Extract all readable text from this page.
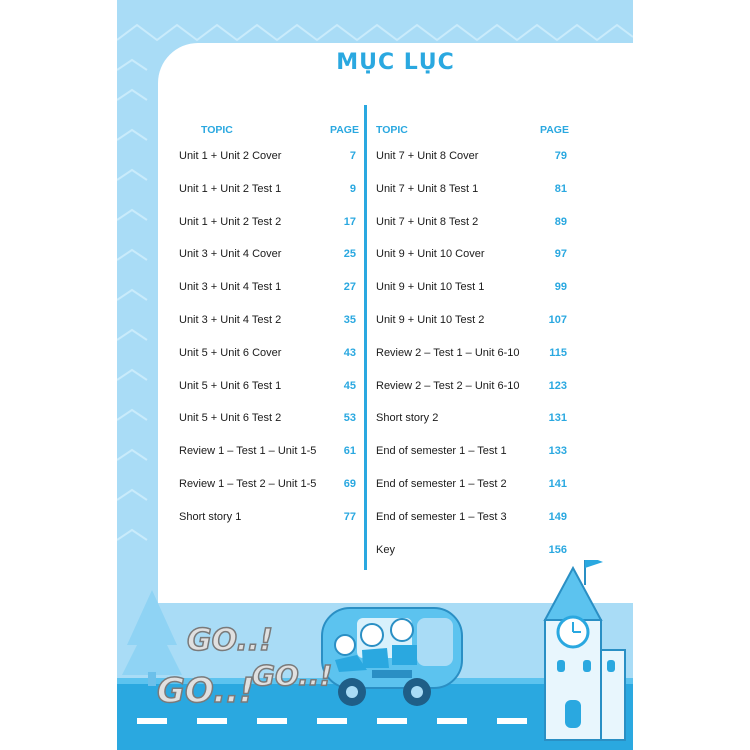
MỤC LỤC
TOPIC	PAGE TOPIC	PAGE
Unit 1 + Unit 2 Cover	7
Unit 1 + Unit 2 Test 1	9
Unit 1 + Unit 2 Test 2	17
Unit 3 + Unit 4 Cover	25
Unit 3 + Unit 4 Test 1	27
Unit 3 + Unit 4 Test 2	35
Unit 5 + Unit 6 Cover	43
Unit 5 + Unit 6 Test 1	45
Unit 5 + Unit 6 Test 2	53
Review 1 – Test 1 – Unit 1-5	61
Review 1 – Test 2 – Unit 1-5	69
Short story 1	77
Unit 7 + Unit 8 Cover	79
Unit 7 + Unit 8 Test 1	81
Unit 7 + Unit 8 Test 2	89
Unit 9 + Unit 10 Cover	97
Unit 9 + Unit 10 Test 1	99
Unit 9 + Unit 10 Test 2	107
Review 2 – Test 1 – Unit 6-10	115
Review 2 – Test 2 – Unit 6-10	123
Short story 2	131
End of semester 1 – Test 1	133
End of semester 1 – Test 2	141
End of semester 1 – Test 3	149
Key	156
GO..!
GO..!
GO..!
